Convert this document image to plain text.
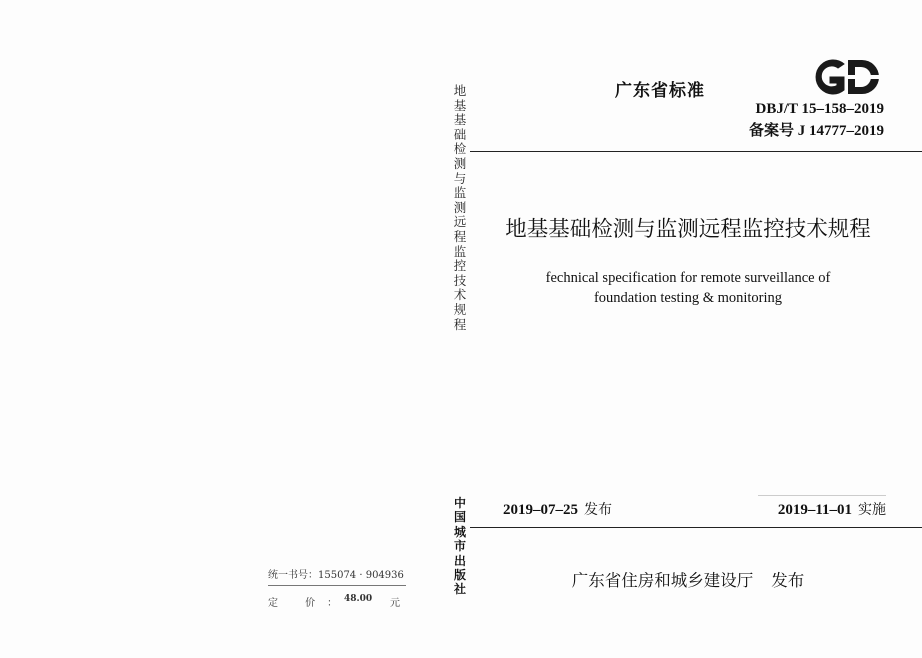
地基基础检测与监测远程监控技术规程
中国城市出版社
统一书号：155074 · 904936
定 价：
48.00 元
广东省标准
DBJ/T 15–158–2019
备案号 J 14777–2019
地基基础检测与监测远程监控技术规程
fechnical specification for remote surveillance of
foundation testing & monitoring
2019–07–25 发布	2019–11–01 实施
广东省住房和城乡建设厅 发布
